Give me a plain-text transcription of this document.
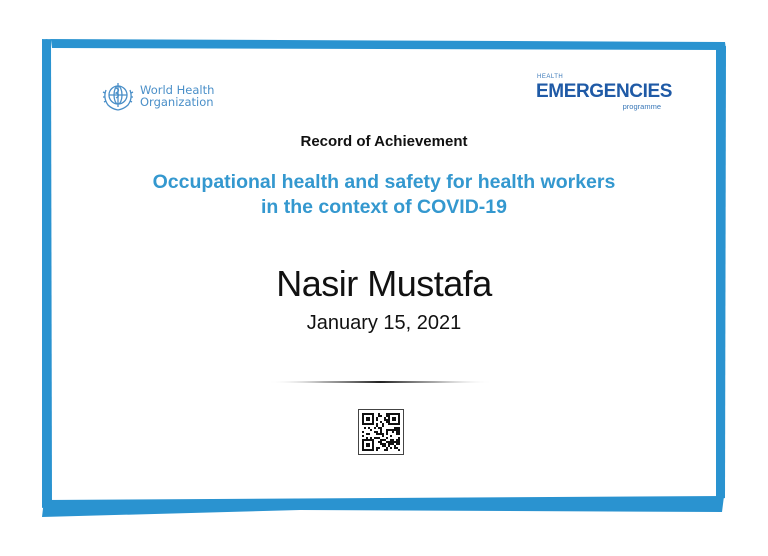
World Health
Organization
HEALTH
EMERGENCIES
programme
Record of Achievement
Occupational health and safety for health workers
in the context of COVID-19
Nasir Mustafa
January 15, 2021
